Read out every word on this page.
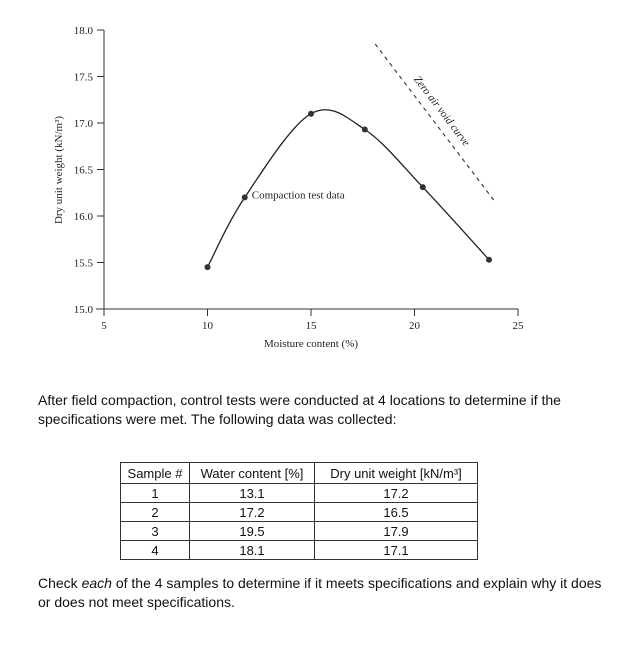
15.0
15.5
16.0
16.5
17.0
17.5
18.0
5	10	15	20	25
Compaction test data
Zero air void curve
Dry unit weight (kN/m³)
Moisture content (%)
After field compaction, control tests were conducted at 4 locations to determine if the specifications were met. The following data was collected:
Sample #	Water content [%]	Dry unit weight [kN/m³]
1	13.1	17.2
2	17.2	16.5
3	19.5	17.9
4	18.1	17.1
Check each of the 4 samples to determine if it meets specifications and explain why it does or does not meet specifications.
